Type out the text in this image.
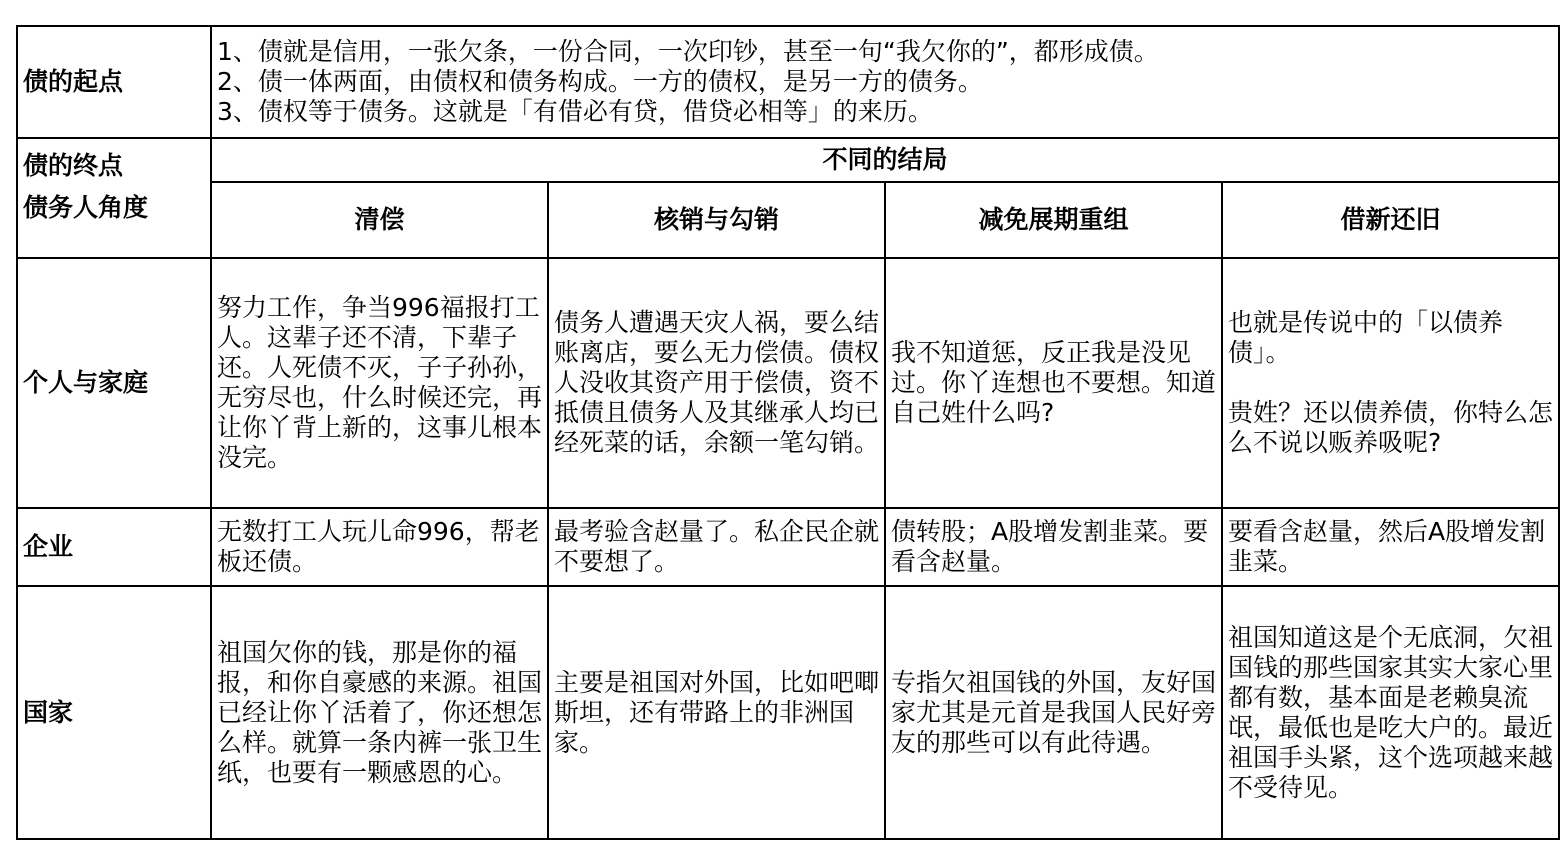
债的起点	1、债就是信用，一张欠条，一份合同，一次印钞，甚至一句“我欠你的”，都形成债。
2、债一体两面，由债权和债务构成。一方的债权，是另一方的债务。
3、债权等于债务。这就是「有借必有贷，借贷必相等」的来历。			

债的终点
债务人角度	不同的结局			
	清偿	核销与勾销	减免展期重组	借新还旧
个人与家庭	努力工作，争当996福报打工人。这辈子还不清，下辈子还。人死债不灭，子子孙孙，无穷尽也，什么时候还完，再让你丫背上新的，这事儿根本没完。	债务人遭遇天灾人祸，要么结账离店，要么无力偿债。债权人没收其资产用于偿债，资不抵债且债务人及其继承人均已经死菜的话，余额一笔勾销。	我不知道惩，反正我是没见过。你丫连想也不要想。知道自己姓什么吗?	也就是传说中的「以债养债」。
贵姓？还以债养债，你特么怎么不说以贩养吸呢?

企业	无数打工人玩儿命996，帮老板还债。	最考验含赵量了。私企民企就不要想了。	债转股；A股增发割韭菜。要看含赵量。	要看含赵量，然后A股增发割韭菜。
国家	祖国欠你的钱，那是你的福报，和你自豪感的来源。祖国已经让你丫活着了，你还想怎么样。就算一条内裤一张卫生纸，也要有一颗感恩的心。	主要是祖国对外国，比如吧唧斯坦，还有带路上的非洲国家。	专指欠祖国钱的外国，友好国家尤其是元首是我国人民好旁友的那些可以有此待遇。	祖国知道这是个无底洞，欠祖国钱的那些国家其实大家心里都有数，基本面是老赖臭流氓，最低也是吃大户的。最近祖国手头紧，这个选项越来越不受待见。
